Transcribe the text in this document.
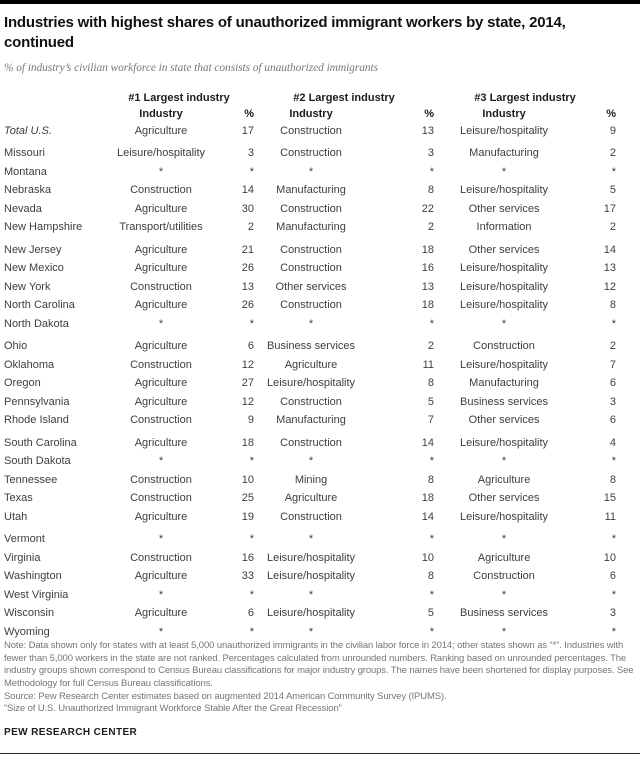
Industries with highest shares of unauthorized immigrant workers by state, 2014,
continued
% of industry’s civilian workforce in state that consists of unauthorized immigrants
	#1 Largest industry		#2 Largest industry		#3 Largest industry	
	Industry	%	Industry	%	Industry	%
Total U.S.	Agriculture	17	Construction	13	Leisure/hospitality	9

Missouri	Leisure/hospitality	3	Construction	3	Manufacturing	2
Montana	*	*	*	*	*	*
Nebraska	Construction	14	Manufacturing	8	Leisure/hospitality	5
Nevada	Agriculture	30	Construction	22	Other services	17
New Hampshire	Transport/utilities	2	Manufacturing	2	Information	2

New Jersey	Agriculture	21	Construction	18	Other services	14
New Mexico	Agriculture	26	Construction	16	Leisure/hospitality	13
New York	Construction	13	Other services	13	Leisure/hospitality	12
North Carolina	Agriculture	26	Construction	18	Leisure/hospitality	8
North Dakota	*	*	*	*	*	*

Ohio	Agriculture	6	Business services	2	Construction	2
Oklahoma	Construction	12	Agriculture	11	Leisure/hospitality	7
Oregon	Agriculture	27	Leisure/hospitality	8	Manufacturing	6
Pennsylvania	Agriculture	12	Construction	5	Business services	3
Rhode Island	Construction	9	Manufacturing	7	Other services	6

South Carolina	Agriculture	18	Construction	14	Leisure/hospitality	4
South Dakota	*	*	*	*	*	*
Tennessee	Construction	10	Mining	8	Agriculture	8
Texas	Construction	25	Agriculture	18	Other services	15
Utah	Agriculture	19	Construction	14	Leisure/hospitality	11

Vermont	*	*	*	*	*	*
Virginia	Construction	16	Leisure/hospitality	10	Agriculture	10
Washington	Agriculture	33	Leisure/hospitality	8	Construction	6
West Virginia	*	*	*	*	*	*
Wisconsin	Agriculture	6	Leisure/hospitality	5	Business services	3
Wyoming	*	*	*	*	*	*
Note: Data shown only for states with at least 5,000 unauthorized immigrants in the civilian labor force in 2014; other states shown as “*”. Industries with fewer than 5,000 workers in the state are not ranked. Percentages calculated from unrounded numbers. Ranking based on unrounded percentages. The industry groups shown correspond to Census Bureau classifications for major industry groups. The names have been shortened for display purposes. See Methodology for full Census Bureau classifications.
Source: Pew Research Center estimates based on augmented 2014 American Community Survey (IPUMS).
“Size of U.S. Unauthorized Immigrant Workforce Stable After the Great Recession”
PEW RESEARCH CENTER
